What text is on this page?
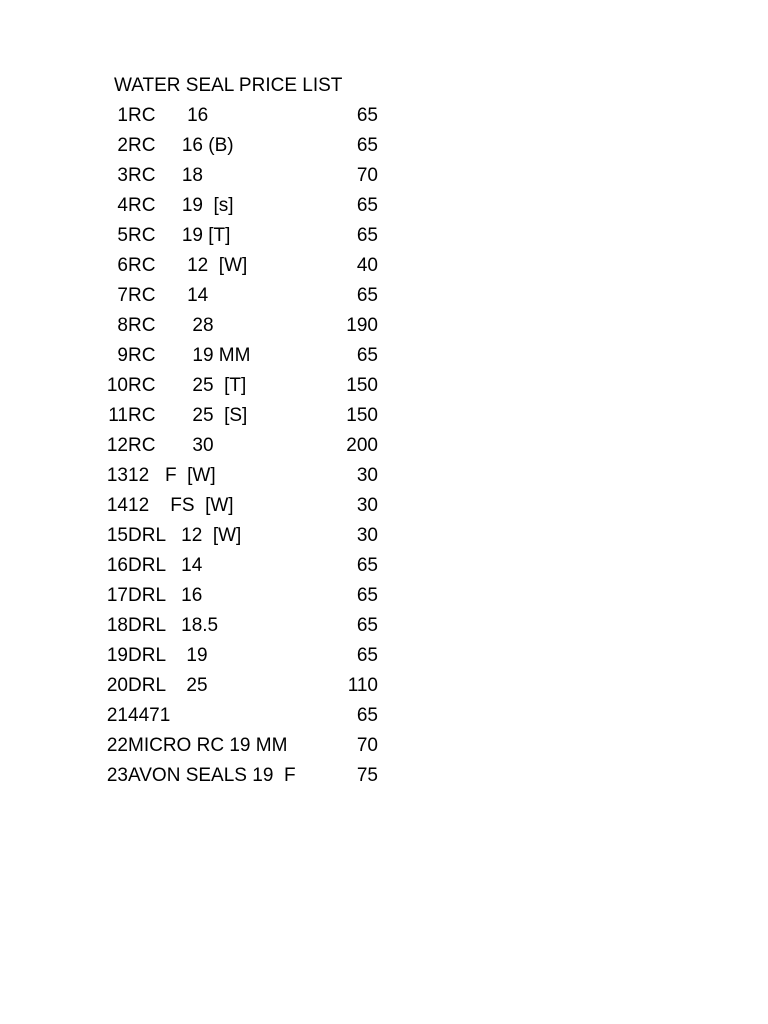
WATER SEAL PRICE LIST
1 RC      16	65
2 RC     16 (B)	65
3 RC     18	70
4 RC     19  [s]	65
5 RC     19 [T]	65
6 RC      12  [W]	40
7 RC      14	65
8 RC       28	190
9 RC       19 MM	65
10 RC       25  [T]	150
11 RC       25  [S]	150
12 RC       30	200
13 12   F  [W]	30
14 12    FS  [W]	30
15 DRL   12  [W]	30
16 DRL   14	65
17 DRL   16	65
18 DRL   18.5	65
19 DRL    19	65
20 DRL    25	110
21 4471	65
22 MICRO RC 19 MM	70
23 AVON SEALS 19  F	75
